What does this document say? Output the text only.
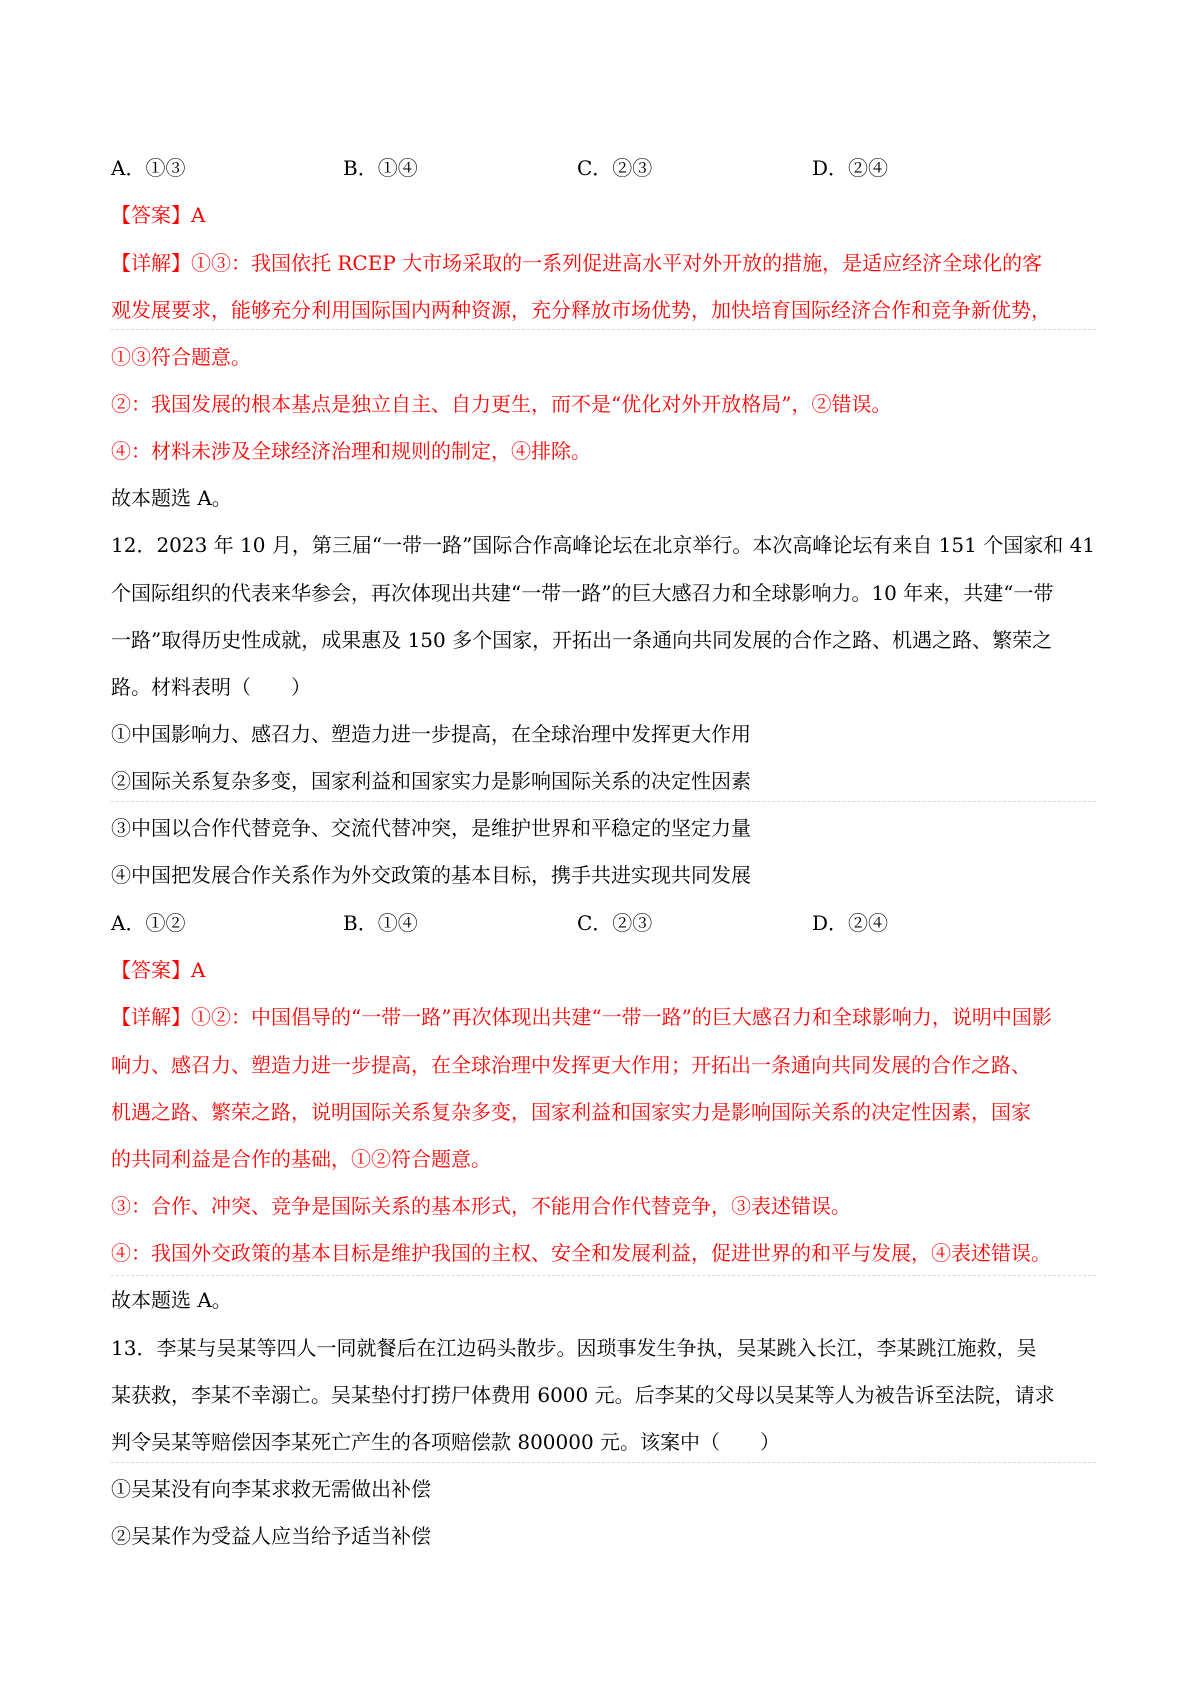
A．①③	B．①④	C．②③	D．②④
【答案】A
【详解】①③：我国依托 RCEP 大市场采取的一系列促进高水平对外开放的措施，是适应经济全球化的客
观发展要求，能够充分利用国际国内两种资源，充分释放市场优势，加快培育国际经济合作和竞争新优势，
①③符合题意。
②：我国发展的根本基点是独立自主、自力更生，而不是“优化对外开放格局”，②错误。
④：材料未涉及全球经济治理和规则的制定，④排除。
故本题选 A。
12．2023 年 10 月，第三届“一带一路”国际合作高峰论坛在北京举行。本次高峰论坛有来自 151 个国家和 41
个国际组织的代表来华参会，再次体现出共建“一带一路”的巨大感召力和全球影响力。10 年来，共建“一带
一路”取得历史性成就，成果惠及 150 多个国家，开拓出一条通向共同发展的合作之路、机遇之路、繁荣之
路。材料表明（　　）
①中国影响力、感召力、塑造力进一步提高，在全球治理中发挥更大作用
②国际关系复杂多变，国家利益和国家实力是影响国际关系的决定性因素
③中国以合作代替竞争、交流代替冲突，是维护世界和平稳定的坚定力量
④中国把发展合作关系作为外交政策的基本目标，携手共进实现共同发展
A．①②	B．①④	C．②③	D．②④
【答案】A
【详解】①②：中国倡导的“一带一路”再次体现出共建“一带一路”的巨大感召力和全球影响力，说明中国影
响力、感召力、塑造力进一步提高，在全球治理中发挥更大作用；开拓出一条通向共同发展的合作之路、
机遇之路、繁荣之路，说明国际关系复杂多变，国家利益和国家实力是影响国际关系的决定性因素，国家
的共同利益是合作的基础，①②符合题意。
③：合作、冲突、竞争是国际关系的基本形式，不能用合作代替竞争，③表述错误。
④：我国外交政策的基本目标是维护我国的主权、安全和发展利益，促进世界的和平与发展，④表述错误。
故本题选 A。
13．李某与吴某等四人一同就餐后在江边码头散步。因琐事发生争执，吴某跳入长江，李某跳江施救，吴
某获救，李某不幸溺亡。吴某垫付打捞尸体费用 6000 元。后李某的父母以吴某等人为被告诉至法院，请求
判令吴某等赔偿因李某死亡产生的各项赔偿款 800000 元。该案中（　　）
①吴某没有向李某求救无需做出补偿
②吴某作为受益人应当给予适当补偿
